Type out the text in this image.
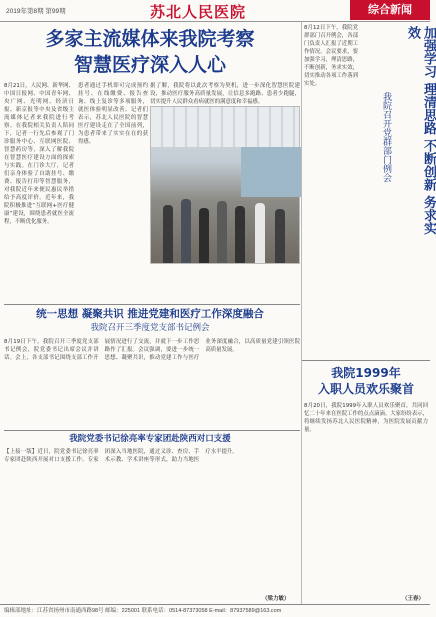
2019年第8期 第99期	苏北人民医院	综合新闻
多家主流媒体来我院考察
智慧医疗深入人心
8月21日，人民网、新华网、中国日报网、中国青年网、央广网、光明网、经济日报、新京报等中央及省级主流媒体记者来我院进行考察。在我院相关负责人陪同下，记者一行先后参观了门诊服务中心、互联网医院、智慧药房等，深入了解我院在智慧医疗建设方面的探索与实践。在门诊大厅，记者们亲身体验了自助挂号、缴费、报告打印等智慧服务，对我院近年来便民惠民举措给予高度评价。近年来，我院积极推进“互联网+医疗健康”建设，围绕患者就医全流程，不断优化服务。
患者通过手机即可完成预约挂号、在线缴费、报告查询、线上复诊等多项服务，就医体验明显改善。记者们表示，苏北人民医院的智慧医疗建设走在了全国前列，为患者带来了实实在在的获得感。
据了解，我院将以此次考察为契机，进一步深化智慧医院建设，推动医疗服务高质量发展，让信息多跑路、患者少跑腿，切实提升人民群众看病就医的满意度和幸福感。
统一思想 凝聚共识 推进党建和医疗工作深度融合
我院召开三季度党支部书记例会
8月19日下午，我院召开三季度党支部书记例会，院党委书记出席会议并讲话。会上，各支部书记围绕支部工作开展情况进行了交流，并就下一步工作思路作了汇报。会议强调，要进一步统一思想、凝聚共识，推动党建工作与医疗业务深度融合，以高质量党建引领医院高质量发展。
我院党委书记徐亮率专家团赴陕西对口支援
【上接一版】近日，院党委书记徐亮率专家团赴陕西开展对口支援工作。专家团深入当地医院，通过义诊、查房、手术示教、学术讲座等形式，助力当地医疗水平提升。
（梁力敏）
8月12日下午，我院党群部门召开例会，各部门负责人汇报了近期工作情况。会议要求，要加强学习，理清思路，不断创新，务求实效，切实推动各项工作落到实处。	加强学习 理清思路 不断创新 务求实效
我院召开党群部门例会
我院1999年
入职人员欢乐聚首
8月20日，我院1999年入职人员欢乐聚首，共同回忆二十年来在医院工作的点点滴滴。大家纷纷表示，将继续发扬苏北人民医院精神，为医院发展贡献力量。
（王春）
编辑部地址：江苏省扬州市南通西路98号 邮编：225001 联系电话：0514-87373058 E-mail：87937589@163.com
